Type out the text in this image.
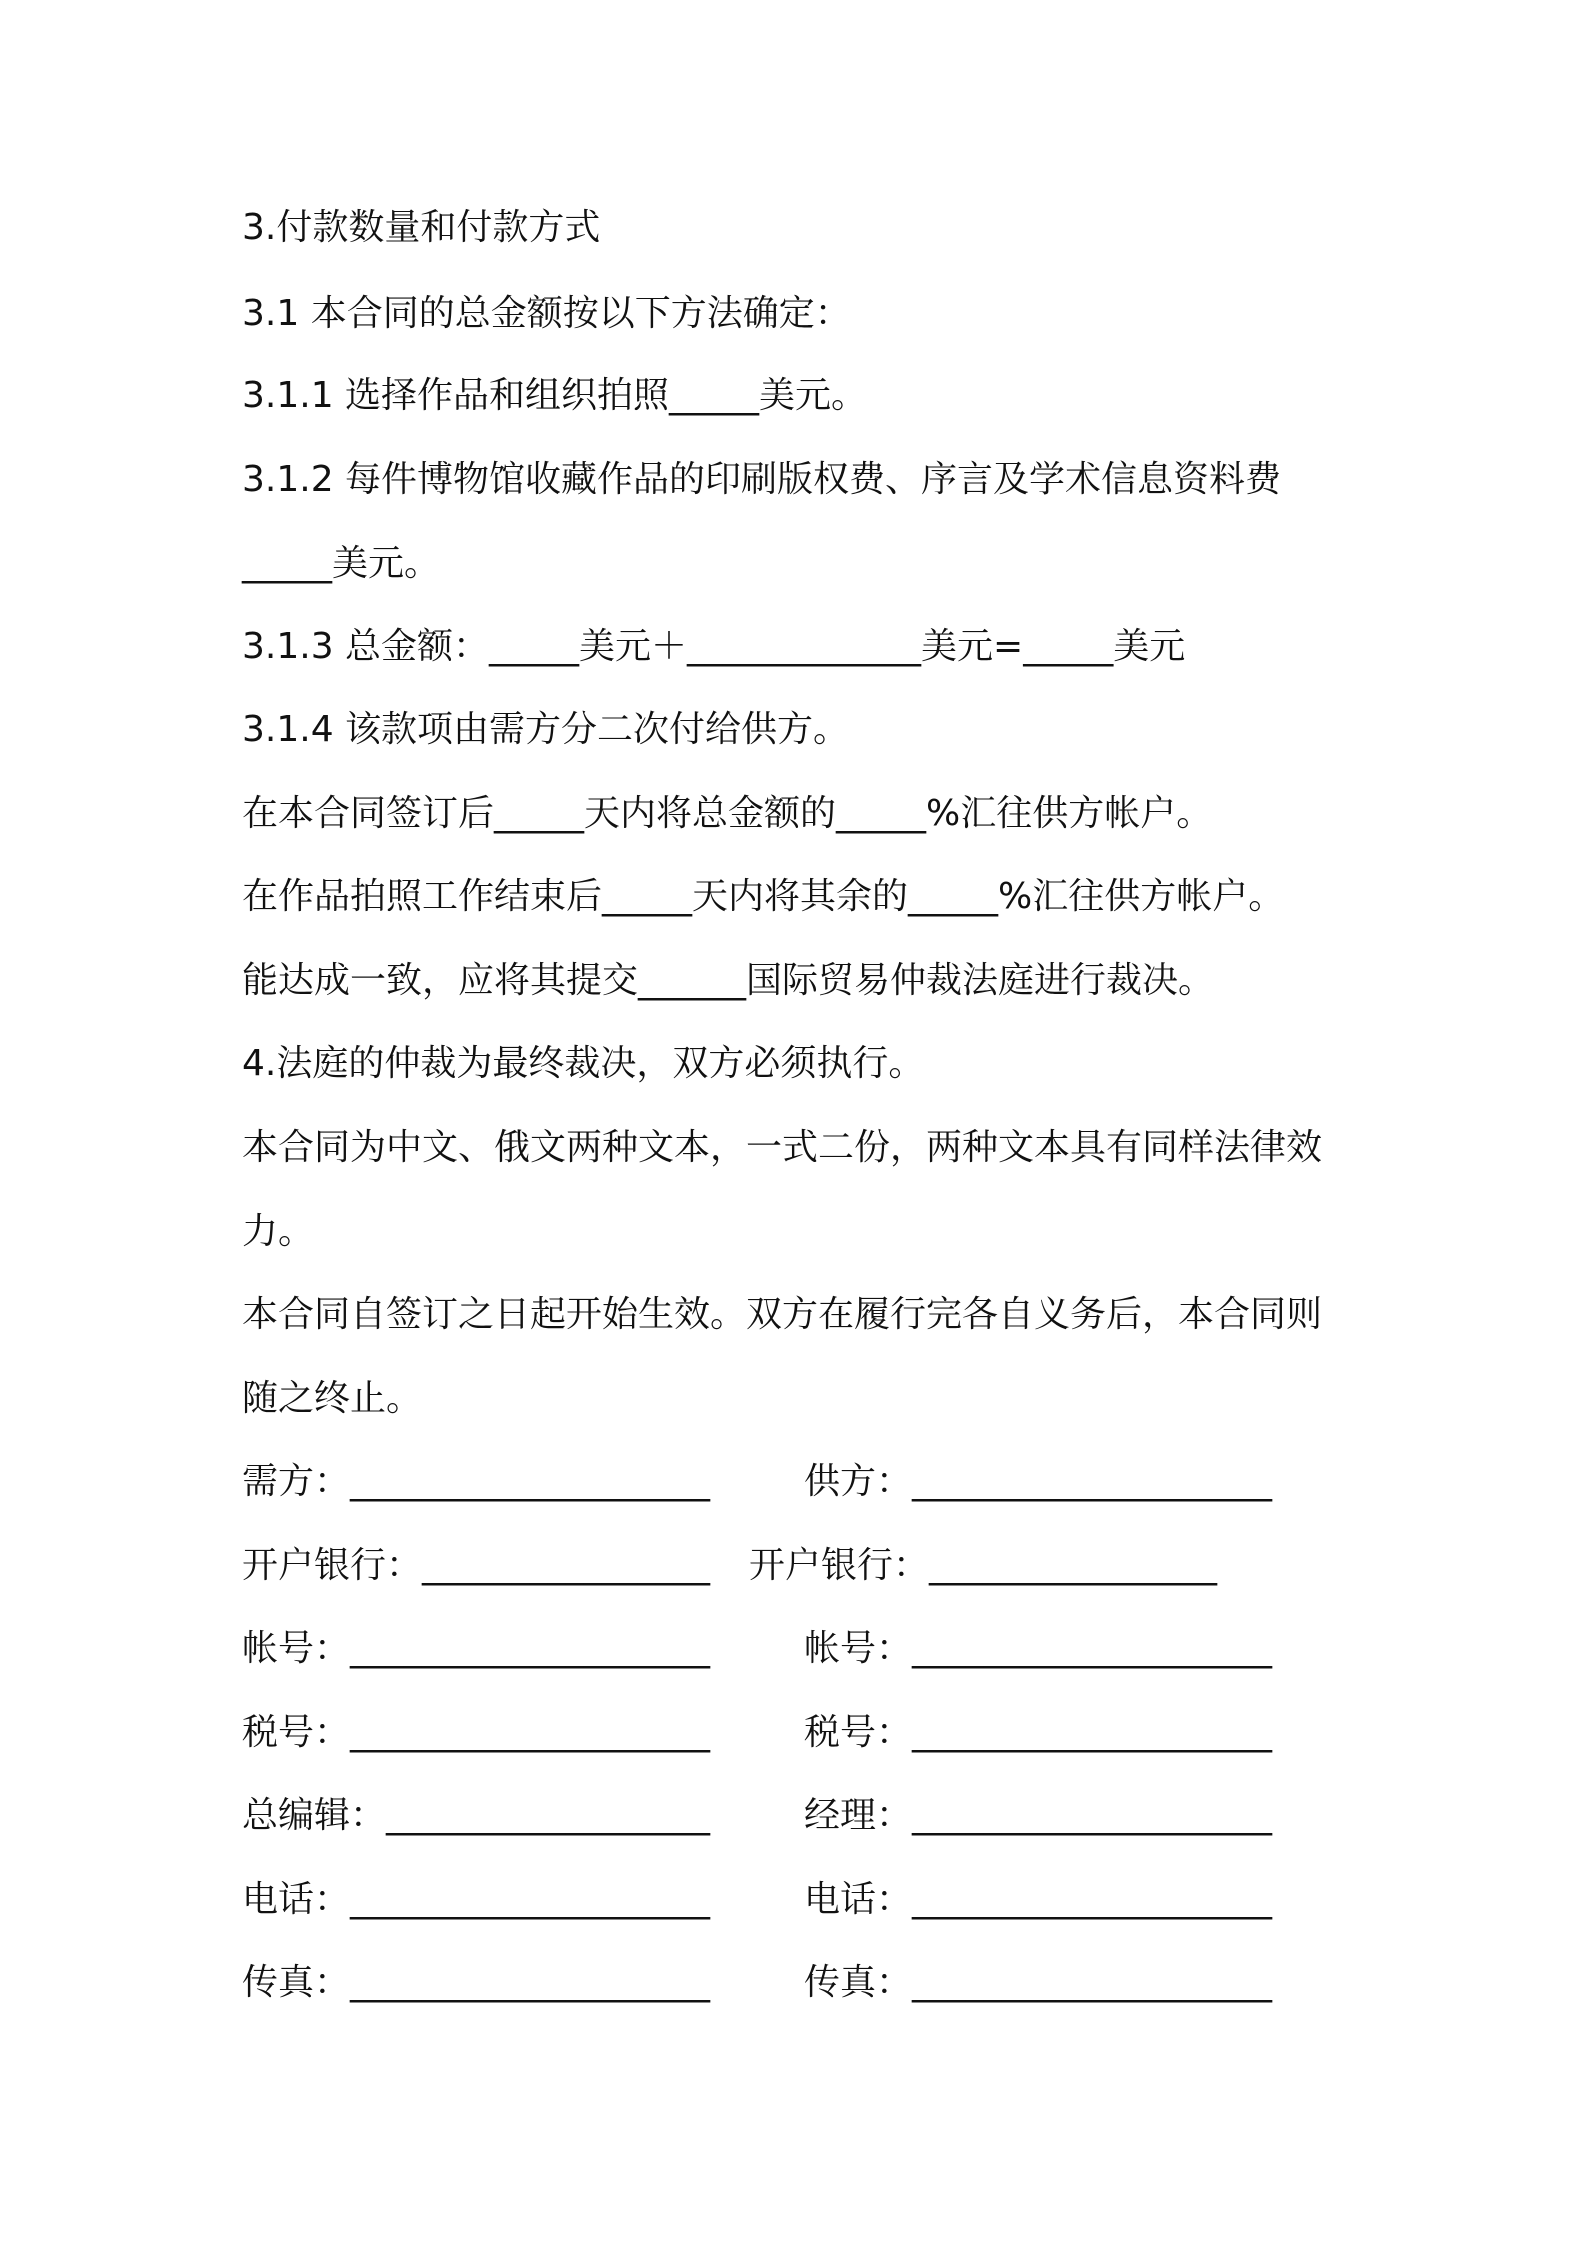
3.付款数量和付款方式

3.1 本合同的总金额按以下方法确定：

3.1.1 选择作品和组织拍照_____美元。

3.1.2 每件博物馆收藏作品的印刷版权费、序言及学术信息资料费

_____美元。

3.1.3 总金额：_____美元＋_____________美元=_____美元

3.1.4 该款项由需方分二次付给供方。

在本合同签订后_____天内将总金额的_____%汇往供方帐户。

在作品拍照工作结束后_____天内将其余的_____%汇往供方帐户。

能达成一致，应将其提交______国际贸易仲裁法庭进行裁决。

4.法庭的仲裁为最终裁决，双方必须执行。

本合同为中文、俄文两种文本，一式二份，两种文本具有同样法律效

力。

本合同自签订之日起开始生效。双方在履行完各自义务后，本合同则

随之终止。

需方：____________________	供方：____________________

开户银行：________________ 开户银行：________________

帐号：____________________	帐号：____________________

税号：____________________	税号：____________________

总编辑：__________________	经理：____________________

电话：____________________	电话：____________________

传真：____________________	传真：____________________
